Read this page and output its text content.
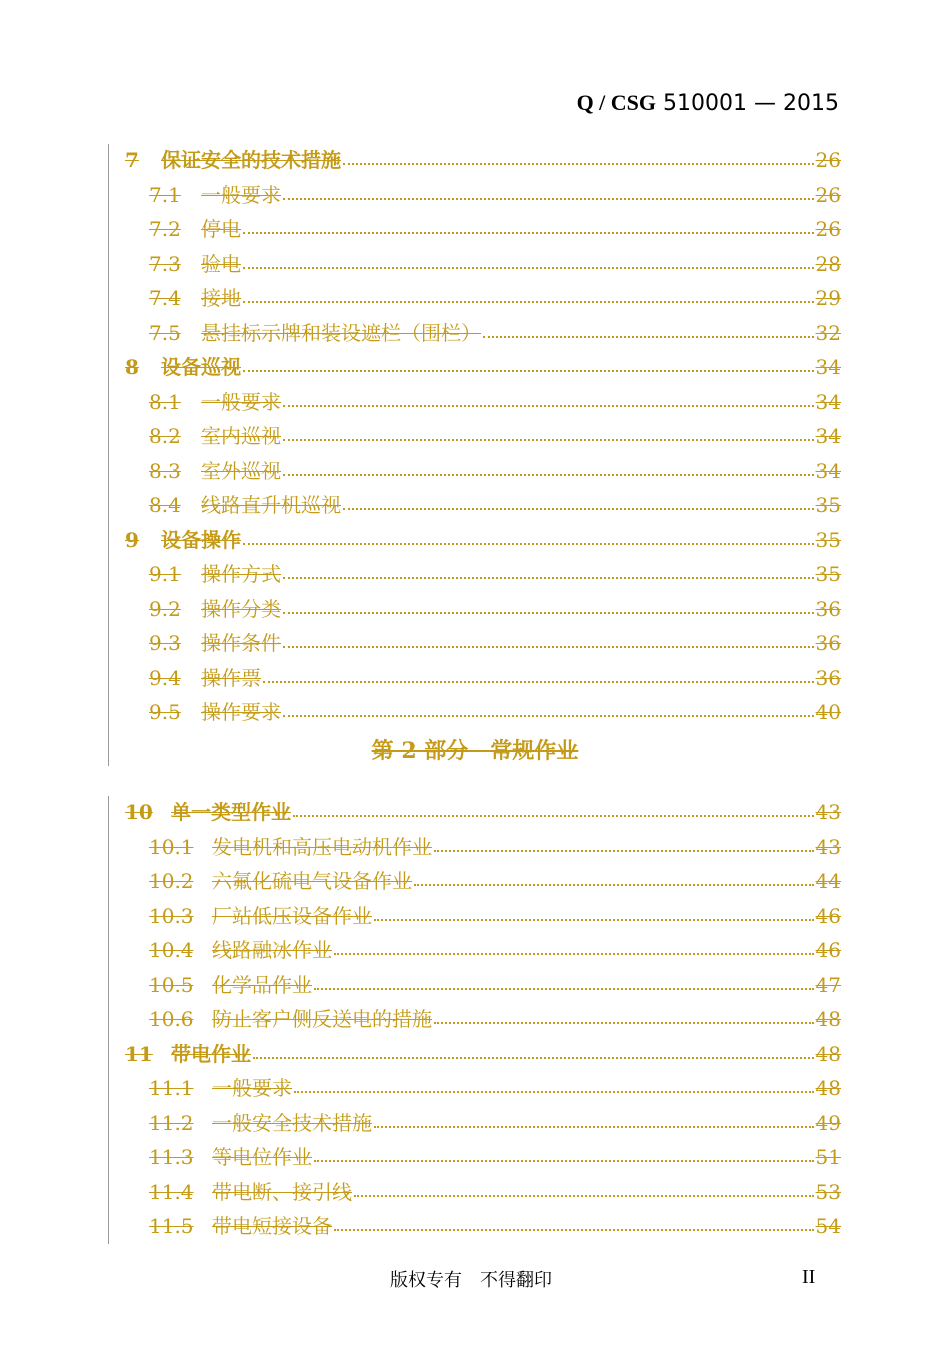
Q / CSG 510001 — 2015
7	保证安全的技术措施	26
7.1	一般要求	26
7.2	停电	26
7.3	验电	28
7.4	接地	29
7.5	悬挂标示牌和装设遮栏（围栏）	32
8	设备巡视	34
8.1	一般要求	34
8.2	室内巡视	34
8.3	室外巡视	34
8.4	线路直升机巡视	35
9	设备操作	35
9.1	操作方式	35
9.2	操作分类	36
9.3	操作条件	36
9.4	操作票	36
9.5	操作要求	40
第 2 部分　常规作业
10 单一类型作业	43
10.1 发电机和高压电动机作业	43
10.2 六氟化硫电气设备作业	44
10.3 厂站低压设备作业	46
10.4 线路融冰作业	46
10.5 化学品作业	47
10.6 防止客户侧反送电的措施	48
11 带电作业	48
11.1 一般要求	48
11.2 一般安全技术措施	49
11.3 等电位作业	51
11.4 带电断、接引线	53
11.5 带电短接设备	54
版权专有　不得翻印	II
